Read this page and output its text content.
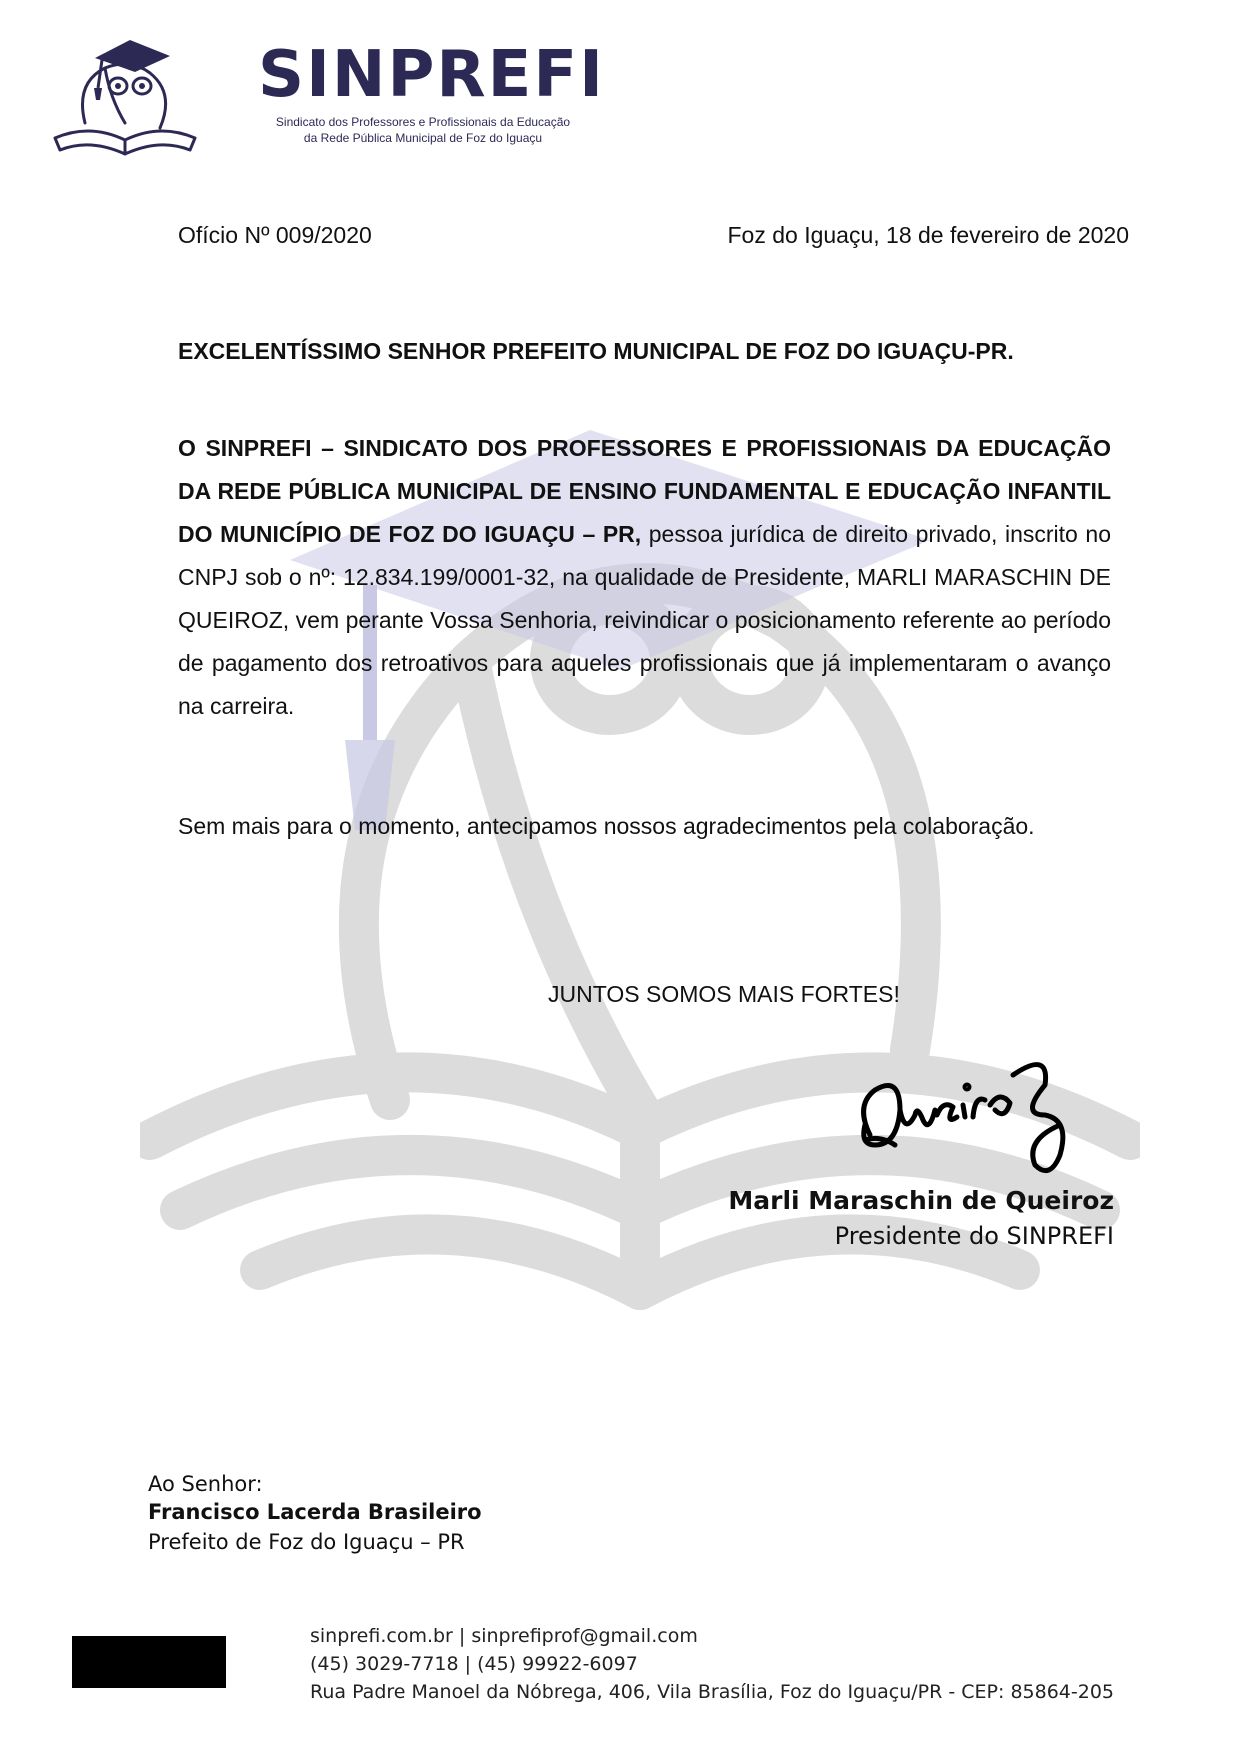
SINPREFI
Sindicato dos Professores e Profissionais da Educação
da Rede Pública Municipal de Foz do Iguaçu
Ofício Nº 009/2020	Foz do Iguaçu, 18 de fevereiro de 2020
EXCELENTÍSSIMO SENHOR PREFEITO MUNICIPAL DE FOZ DO IGUAÇU-PR.
O SINPREFI – SINDICATO DOS PROFESSORES E PROFISSIONAIS DA EDUCAÇÃO DA REDE PÚBLICA MUNICIPAL DE ENSINO FUNDAMENTAL E EDUCAÇÃO INFANTIL DO MUNICÍPIO DE FOZ DO IGUAÇU – PR, pessoa jurídica de direito privado, inscrito no CNPJ sob o nº: 12.834.199/0001-32, na qualidade de Presidente, MARLI MARASCHIN DE QUEIROZ, vem perante Vossa Senhoria, reivindicar o posicionamento referente ao período de pagamento dos retroativos para aqueles profissionais que já implementaram o avanço na carreira.
Sem mais para o momento, antecipamos nossos agradecimentos pela colaboração.
JUNTOS SOMOS MAIS FORTES!
Marli Maraschin de Queiroz
Presidente do SINPREFI
Ao Senhor:
Francisco Lacerda Brasileiro
Prefeito de Foz do Iguaçu – PR
sinprefi.com.br | sinprefiprof@gmail.com
(45) 3029-7718 | (45) 99922-6097
Rua Padre Manoel da Nóbrega, 406, Vila Brasília, Foz do Iguaçu/PR - CEP: 85864-205
